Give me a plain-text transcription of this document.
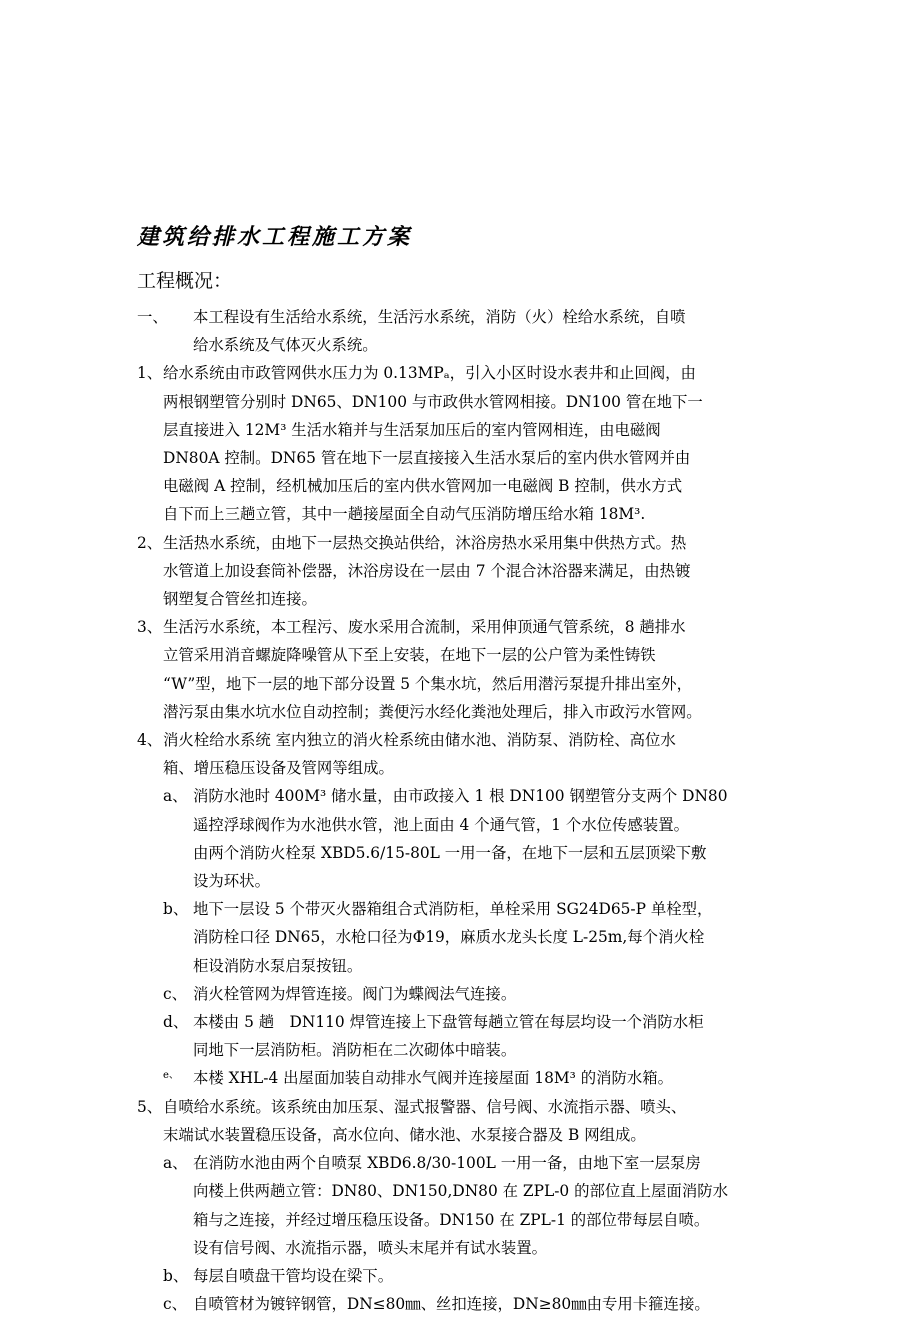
建筑给排水工程施工方案
工程概况：
一、 本工程设有生活给水系统，生活污水系统，消防（火）栓给水系统，自喷
给水系统及气体灭火系统。
1、 给水系统由市政管网供水压力为 0.13MPₐ，引入小区时设水表井和止回阀，由
两根钢塑管分别时 DN65、DN100 与市政供水管网相接。DN100 管在地下一
层直接进入 12M³ 生活水箱并与生活泵加压后的室内管网相连，由电磁阀
DN80A 控制。DN65 管在地下一层直接接入生活水泵后的室内供水管网并由
电磁阀 A 控制，经机械加压后的室内供水管网加一电磁阀 B 控制，供水方式
自下而上三趟立管，其中一趟接屋面全自动气压消防增压给水箱 18M³.
2、 生活热水系统，由地下一层热交换站供给，沐浴房热水采用集中供热方式。热
水管道上加设套筒补偿器，沐浴房设在一层由 7 个混合沐浴器来满足，由热镀
钢塑复合管丝扣连接。
3、 生活污水系统，本工程污、废水采用合流制，采用伸顶通气管系统，8 趟排水
立管采用消音螺旋降噪管从下至上安装，在地下一层的公户管为柔性铸铁
“W”型，地下一层的地下部分设置 5 个集水坑，然后用潜污泵提升排出室外，
潜污泵由集水坑水位自动控制；粪便污水经化粪池处理后，排入市政污水管网。
4、 消火栓给水系统 室内独立的消火栓系统由储水池、消防泵、消防栓、高位水
箱、增压稳压设备及管网等组成。
a、 消防水池时 400M³ 储水量，由市政接入 1 根 DN100 钢塑管分支两个 DN80
遥控浮球阀作为水池供水管，池上面由 4 个通气管，1 个水位传感装置。
由两个消防火栓泵 XBD5.6/15-80L 一用一备，在地下一层和五层顶梁下敷
设为环状。
b、 地下一层设 5 个带灭火器箱组合式消防柜，单栓采用 SG24D65-P 单栓型，
消防栓口径 DN65，水枪口径为Φ19，麻质水龙头长度 L-25m,每个消火栓
柜设消防水泵启泵按钮。
c、 消火栓管网为焊管连接。阀门为蝶阀法气连接。
d、 本楼由 5 趟　DN110 焊管连接上下盘管每趟立管在每层均设一个消防水柜
同地下一层消防柜。消防柜在二次砌体中暗装。
e、 本楼 XHL-4 出屋面加装自动排水气阀并连接屋面 18M³ 的消防水箱。
5、 自喷给水系统。该系统由加压泵、湿式报警器、信号阀、水流指示器、喷头、
末端试水装置稳压设备，高水位向、储水池、水泵接合器及 B 网组成。
a、 在消防水池由两个自喷泵 XBD6.8/30-100L 一用一备，由地下室一层泵房
向楼上供两趟立管：DN80、DN150,DN80 在 ZPL-0 的部位直上屋面消防水
箱与之连接，并经过增压稳压设备。DN150 在 ZPL-1 的部位带每层自喷。
设有信号阀、水流指示器，喷头末尾并有试水装置。
b、 每层自喷盘干管均设在梁下。
c、 自喷管材为镀锌钢管，DN≤80㎜、丝扣连接，DN≥80㎜由专用卡箍连接。
